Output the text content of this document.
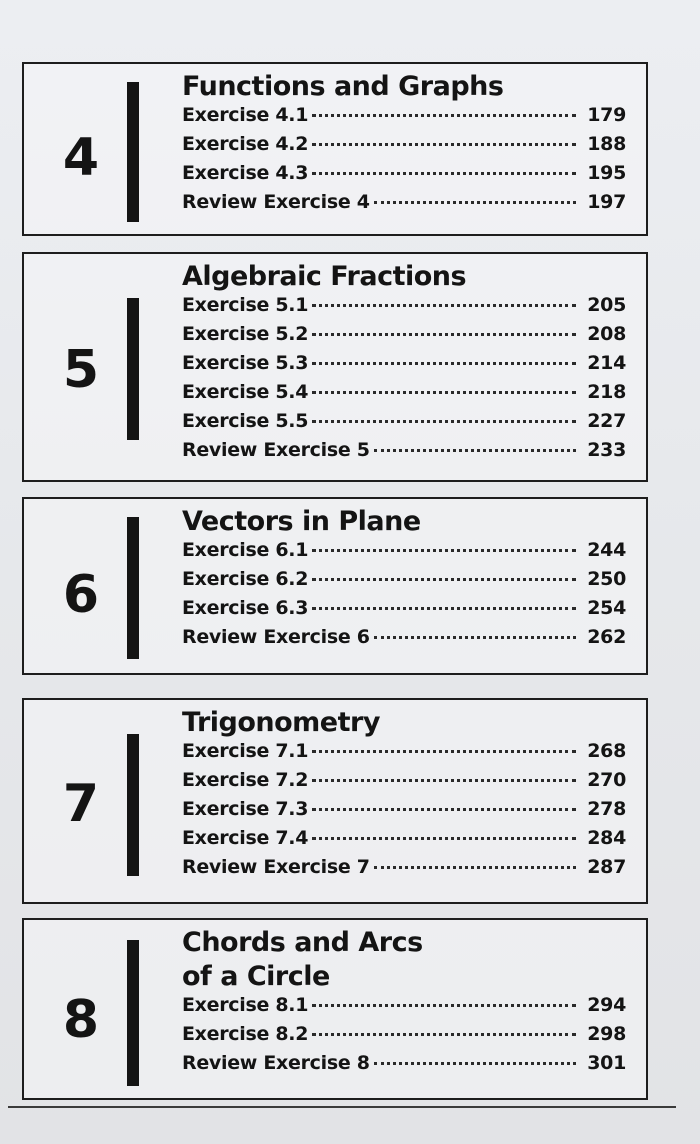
4
Functions and Graphs
Exercise 4.1	179
Exercise 4.2	188
Exercise 4.3	195
Review Exercise 4	197
5
Algebraic Fractions
Exercise 5.1	205
Exercise 5.2	208
Exercise 5.3	214
Exercise 5.4	218
Exercise 5.5	227
Review Exercise 5	233
6
Vectors in Plane
Exercise 6.1	244
Exercise 6.2	250
Exercise 6.3	254
Review Exercise 6	262
7
Trigonometry
Exercise 7.1	268
Exercise 7.2	270
Exercise 7.3	278
Exercise 7.4	284
Review Exercise 7	287
8
Chords and Arcs
of a Circle
Exercise 8.1	294
Exercise 8.2	298
Review Exercise 8	301
